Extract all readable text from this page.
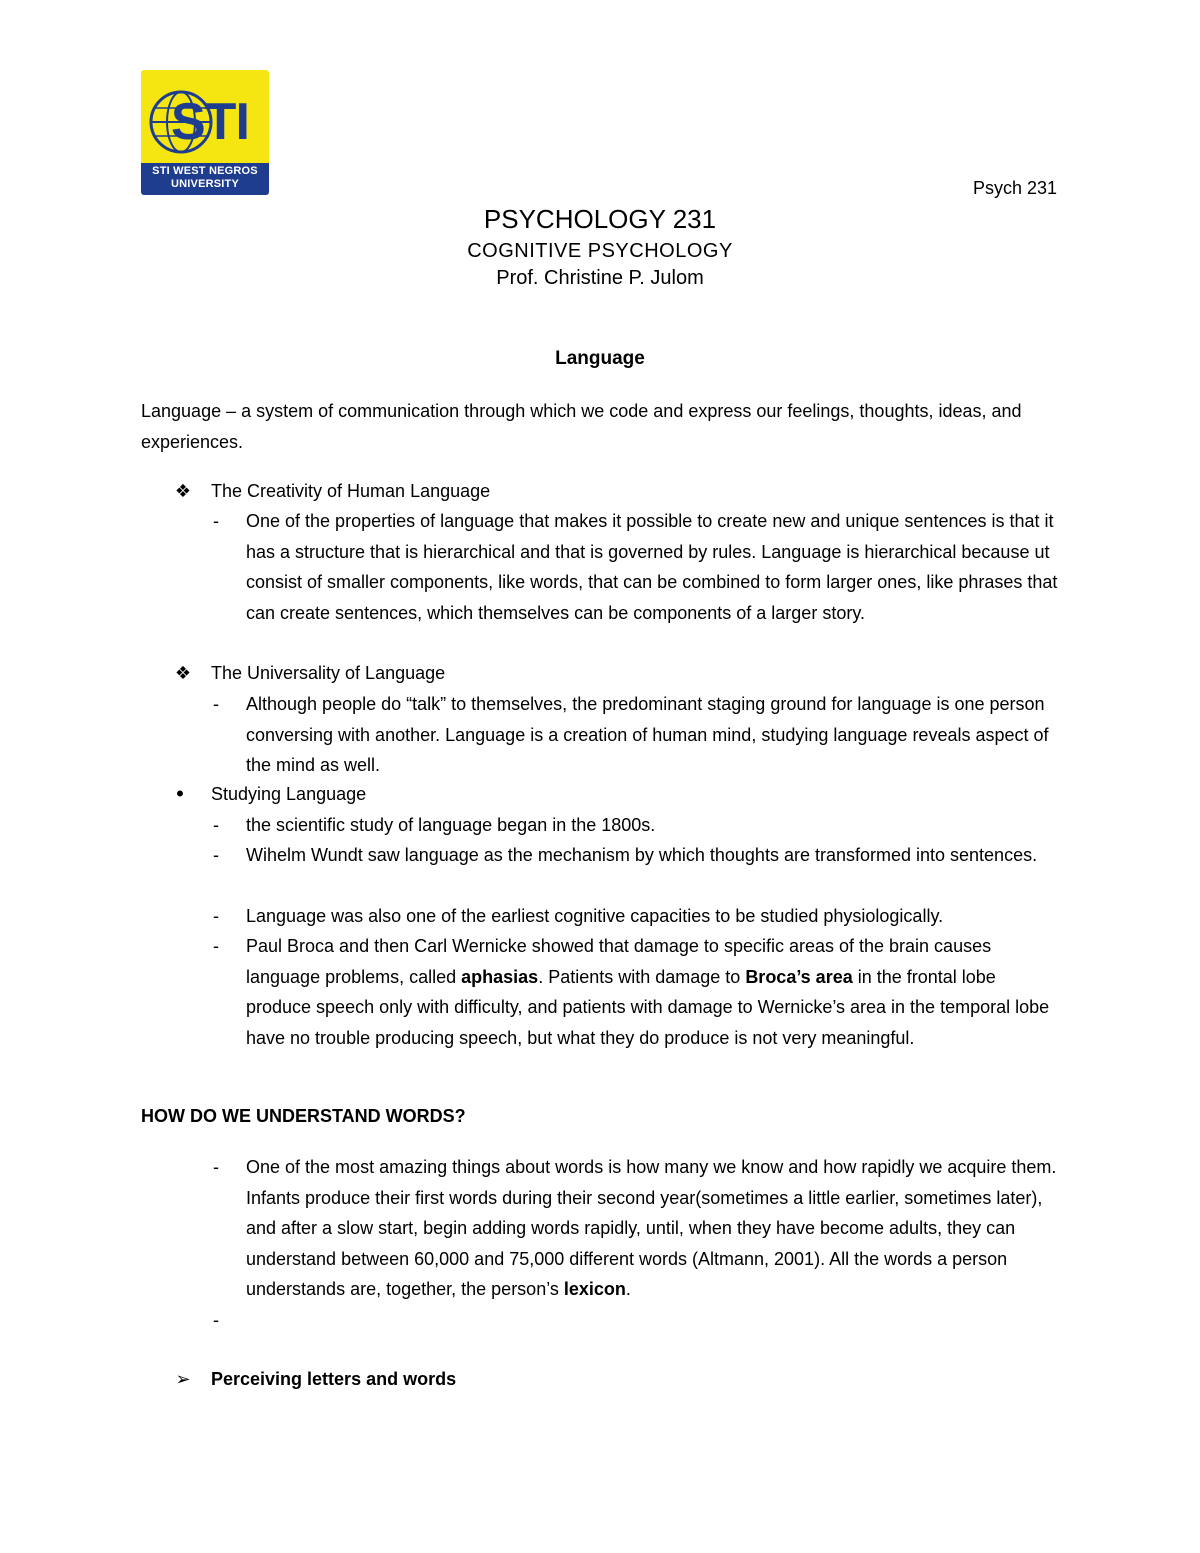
STI
STI WEST NEGROS
UNIVERSITY	Psych 231
PSYCHOLOGY 231
COGNITIVE PSYCHOLOGY
Prof. Christine P. Julom
Language
Language – a system of communication through which we code and express our feelings, thoughts, ideas, and experiences.
❖	The Creativity of Human Language
-	One of the properties of language that makes it possible to create new and unique sentences is that it has a structure that is hierarchical and that is governed by rules. Language is hierarchical because ut consist of smaller components, like words, that can be combined to form larger ones, like phrases that can create sentences, which themselves can be components of a larger story.
❖	The Universality of Language
-	Although people do “talk” to themselves, the predominant staging ground for language is one person conversing with another. Language is a creation of human mind, studying language reveals aspect of the mind as well.
•	Studying Language
-	the scientific study of language began in the 1800s.
-	Wihelm Wundt saw language as the mechanism by which thoughts are transformed into sentences.
-	Language was also one of the earliest cognitive capacities to be studied physiologically.
-	Paul Broca and then Carl Wernicke showed that damage to specific areas of the brain causes language problems, called aphasias. Patients with damage to Broca’s area in the frontal lobe produce speech only with difficulty, and patients with damage to Wernicke’s area in the temporal lobe have no trouble producing speech, but what they do produce is not very meaningful.
HOW DO WE UNDERSTAND WORDS?
-	One of the most amazing things about words is how many we know and how rapidly we acquire them. Infants produce their first words during their second year(sometimes a little earlier, sometimes later), and after a slow start, begin adding words rapidly, until, when they have become adults, they can understand between 60,000 and 75,000 different words (Altmann, 2001). All the words a person understands are, together, the person’s lexicon.
-
➢	Perceiving letters and words
